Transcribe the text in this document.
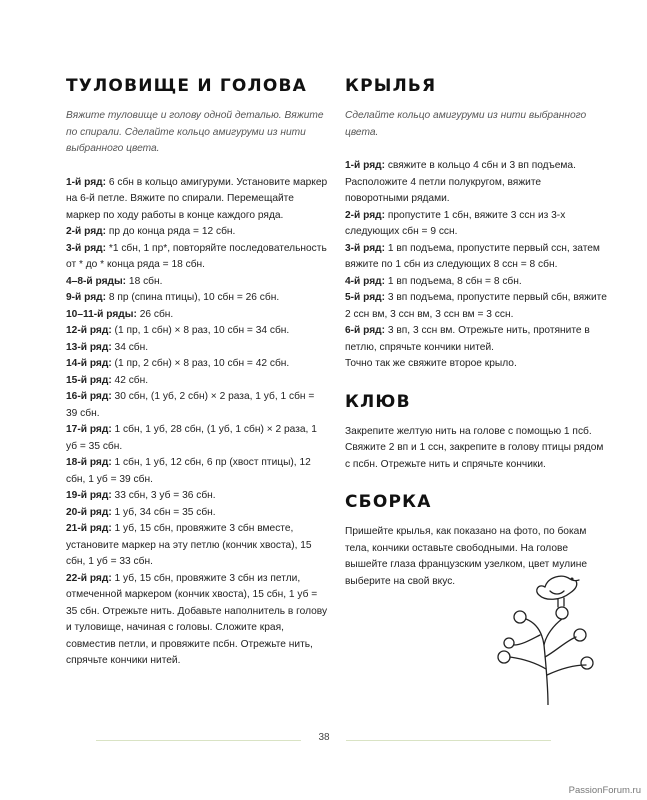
ТУЛОВИЩЕ И ГОЛОВА

Вяжите туловище и голову одной деталью. Вяжите по спирали. Сделайте кольцо амигуруми из нити выбранного цвета.

1-й ряд: 6 сбн в кольцо амигуруми. Установите маркер на 6-й петле. Вяжите по спирали. Перемещайте маркер по ходу работы в конце каждого ряда.

2-й ряд: пр до конца ряда = 12 сбн.

3-й ряд: *1 сбн, 1 пр*, повторяйте последовательность от * до * конца ряда = 18 сбн.

4–8-й ряды: 18 сбн.

9-й ряд: 8 пр (спина птицы), 10 сбн = 26 сбн.

10–11-й ряды: 26 сбн.

12-й ряд: (1 пр, 1 сбн) × 8 раз, 10 сбн = 34 сбн.

13-й ряд: 34 сбн.

14-й ряд: (1 пр, 2 сбн) × 8 раз, 10 сбн = 42 сбн.

15-й ряд: 42 сбн.

16-й ряд: 30 сбн, (1 уб, 2 сбн) × 2 раза, 1 уб, 1 сбн = 39 сбн.

17-й ряд: 1 сбн, 1 уб, 28 сбн, (1 уб, 1 сбн) × 2 раза, 1 уб = 35 сбн.

18-й ряд: 1 сбн, 1 уб, 12 сбн, 6 пр (хвост птицы), 12 сбн, 1 уб = 39 сбн.

19-й ряд: 33 сбн, 3 уб = 36 сбн.

20-й ряд: 1 уб, 34 сбн = 35 сбн.

21-й ряд: 1 уб, 15 сбн, провяжите 3 сбн вместе, установите маркер на эту петлю (кончик хвоста), 15 сбн, 1 уб = 33 сбн.

22-й ряд: 1 уб, 15 сбн, провяжите 3 сбн из петли, отмеченной маркером (кончик хвоста), 15 сбн, 1 уб = 35 сбн. Отрежьте нить. Добавьте наполнитель в голову и туловище, начиная с головы. Сложите края, совместив петли, и провяжите псбн. Отрежьте нить, спрячьте кончики нитей.

КРЫЛЬЯ

Сделайте кольцо амигуруми из нити выбранного цвета.

1-й ряд: свяжите в кольцо 4 сбн и 3 вп подъема. Расположите 4 петли полукругом, вяжите поворотными рядами.

2-й ряд: пропустите 1 сбн, вяжите 3 ссн из 3-х следующих сбн = 9 ссн.

3-й ряд: 1 вп подъема, пропустите первый ссн, затем вяжите по 1 сбн из следующих 8 ссн = 8 сбн.

4-й ряд: 1 вп подъема, 8 сбн = 8 сбн.

5-й ряд: 3 вп подъема, пропустите первый сбн, вяжите 2 ссн вм, 3 ссн вм, 3 ссн вм = 3 ссн.

6-й ряд: 3 вп, 3 ссн вм. Отрежьте нить, протяните в петлю, спрячьте кончики нитей.

Точно так же свяжите второе крыло.

КЛЮВ

Закрепите желтую нить на голове с помощью 1 псб. Свяжите 2 вп и 1 ссн, закрепите в голову птицы рядом с псбн. Отрежьте нить и спрячьте кончики.

СБОРКА

Пришейте крылья, как показано на фото, по бокам тела, кончики оставьте свободными. На голове вышейте глаза французским узелком, цвет мулине выберите на свой вкус.

38
PassionForum.ru
